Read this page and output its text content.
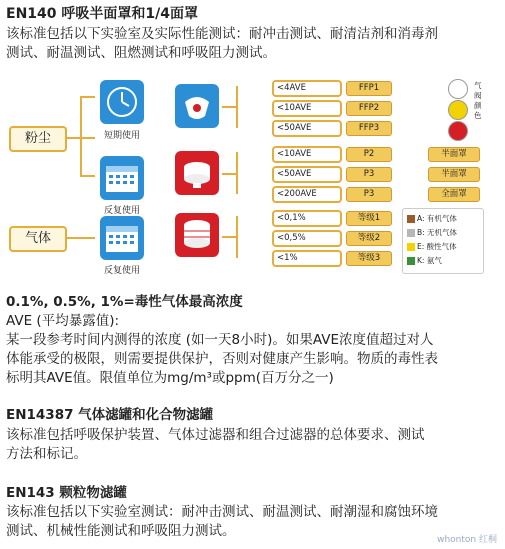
EN140 呼吸半面罩和1/4面罩
该标准包括以下实验室及实际性能测试：耐冲击测试、耐清洁剂和消毒剂
测试、耐温测试、阻燃测试和呼吸阻力测试。
粉尘
气体
短期使用
反复使用
反复使用
<4AVE	FFP1
<10AVE	FFP2
<50AVE	FFP3
气阀颜色
<10AVE	P2	半面罩
<50AVE	P3	半面罩
<200AVE	P3	全面罩
<0,1%	等级1
<0,5%	等级2
<1%	等级3
A: 有机气体
B: 无机气体
E: 酸性气体
K: 氨气
0.1%, 0.5%, 1%=毒性气体最高浓度
AVE (平均暴露值):
某一段参考时间内测得的浓度 (如一天8小时)。如果AVE浓度值超过对人
体能承受的极限，则需要提供保护，否则对健康产生影响。物质的毒性表
标明其AVE值。限值单位为mg/m³或ppm(百万分之一)
EN14387 气体滤罐和化合物滤罐
该标准包括呼吸保护装置、气体过滤器和组合过滤器的总体要求、测试
方法和标记。
EN143 颗粒物滤罐
该标准包括以下实验室测试：耐冲击测试、耐温测试、耐潮湿和腐蚀环境
测试、机械性能测试和呼吸阻力测试。
whonton 红桐
